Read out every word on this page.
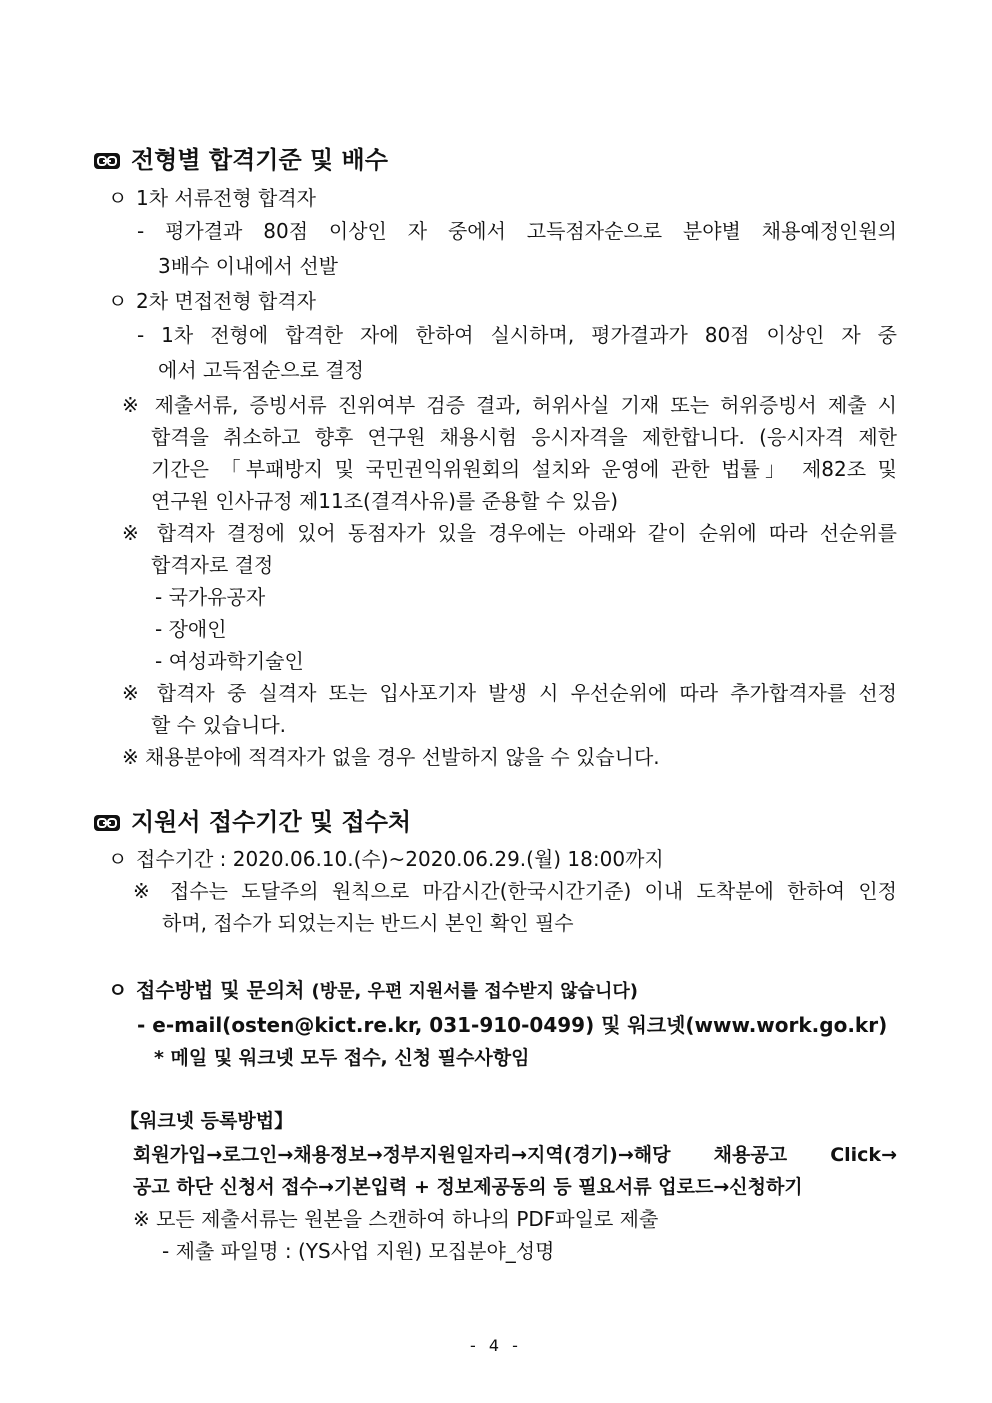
전형별 합격기준 및 배수
ㅇ 1차 서류전형 합격자
- 평가결과 80점 이상인 자 중에서 고득점자순으로 분야별 채용예정인원의
3배수 이내에서 선발
ㅇ 2차 면접전형 합격자
- 1차 전형에 합격한 자에 한하여 실시하며, 평가결과가 80점 이상인 자 중
에서 고득점순으로 결정
※ 제출서류, 증빙서류 진위여부 검증 결과, 허위사실 기재 또는 허위증빙서 제출 시
합격을 취소하고 향후 연구원 채용시험 응시자격을 제한합니다. (응시자격 제한
기간은 「부패방지 및 국민권익위원회의 설치와 운영에 관한 법률」 제82조 및
연구원 인사규정 제11조(결격사유)를 준용할 수 있음)
※ 합격자 결정에 있어 동점자가 있을 경우에는 아래와 같이 순위에 따라 선순위를
합격자로 결정
- 국가유공자
- 장애인
- 여성과학기술인
※ 합격자 중 실격자 또는 입사포기자 발생 시 우선순위에 따라 추가합격자를 선정
할 수 있습니다.
※ 채용분야에 적격자가 없을 경우 선발하지 않을 수 있습니다.
지원서 접수기간 및 접수처
ㅇ 접수기간 : 2020.06.10.(수)~2020.06.29.(월) 18:00까지
※ 접수는 도달주의 원칙으로 마감시간(한국시간기준) 이내 도착분에 한하여 인정
하며, 접수가 되었는지는 반드시 본인 확인 필수
ㅇ 접수방법 및 문의처 (방문, 우편 지원서를 접수받지 않습니다)
- e-mail(osten@kict.re.kr, 031-910-0499) 및 워크넷(www.work.go.kr)
* 메일 및 워크넷 모두 접수, 신청 필수사항임
【워크넷 등록방법】
회원가입→로그인→채용정보→정부지원일자리→지역(경기)→해당 채용공고 Click→
공고 하단 신청서 접수→기본입력 + 정보제공동의 등 필요서류 업로드→신청하기
※ 모든 제출서류는 원본을 스캔하여 하나의 PDF파일로 제출
- 제출 파일명 : (YS사업 지원) 모집분야_성명
- 4 -
